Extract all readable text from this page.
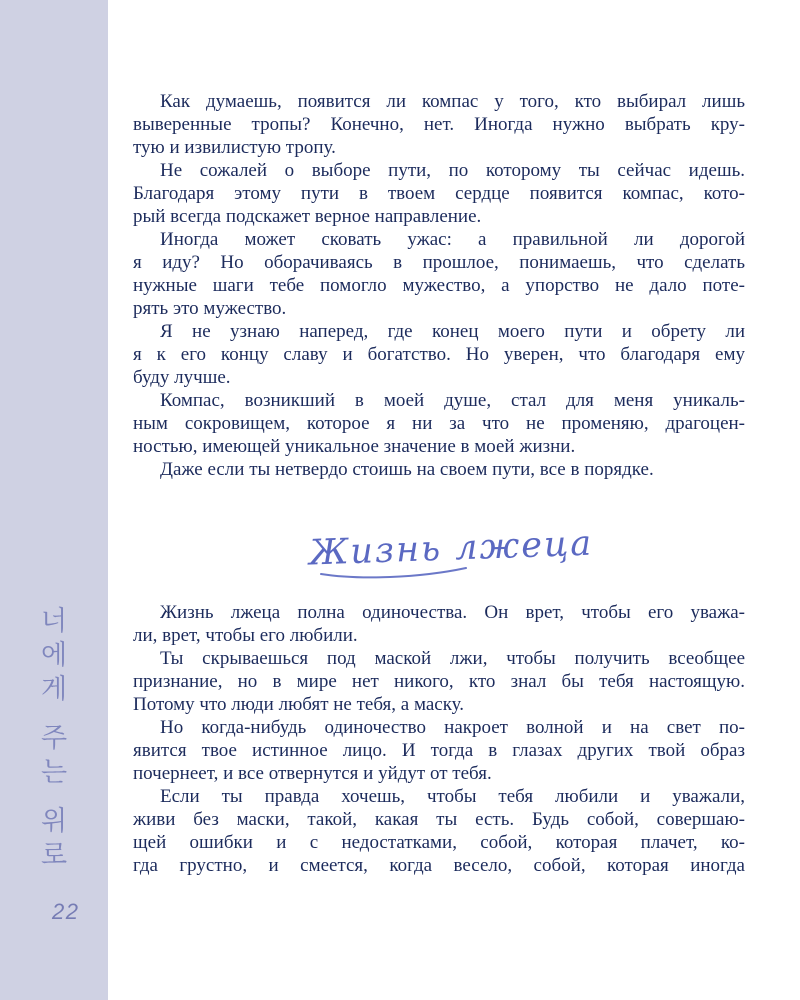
너
에
게
주
는
위
로
22
Как думаешь, появится ли компас у того, кто выбирал лишь
выверенные тропы? Конечно, нет. Иногда нужно выбрать кру-
тую и извилистую тропу.
Не сожалей о выборе пути, по которому ты сейчас идешь.
Благодаря этому пути в твоем сердце появится компас, кото-
рый всегда подскажет верное направление.
Иногда может сковать ужас: а правильной ли дорогой
я иду? Но оборачиваясь в прошлое, понимаешь, что сделать
нужные шаги тебе помогло мужество, а упорство не дало поте-
рять это мужество.
Я не узнаю наперед, где конец моего пути и обрету ли
я к его концу славу и богатство. Но уверен, что благодаря ему
буду лучше.
Компас, возникший в моей душе, стал для меня уникаль-
ным сокровищем, которое я ни за что не променяю, драгоцен-
ностью, имеющей уникальное значение в моей жизни.
Даже если ты нетвердо стоишь на своем пути, все в порядке.
Жизнь лжеца
Жизнь лжеца полна одиночества. Он врет, чтобы его уважа-
ли, врет, чтобы его любили.
Ты скрываешься под маской лжи, чтобы получить всеобщее
признание, но в мире нет никого, кто знал бы тебя настоящую.
Потому что люди любят не тебя, а маску.
Но когда-нибудь одиночество накроет волной и на свет по-
явится твое истинное лицо. И тогда в глазах других твой образ
почернеет, и все отвернутся и уйдут от тебя.
Если ты правда хочешь, чтобы тебя любили и уважали,
живи без маски, такой, какая ты есть. Будь собой, совершаю-
щей ошибки и с недостатками, собой, которая плачет, ко-
гда грустно, и смеется, когда весело, собой, которая иногда
